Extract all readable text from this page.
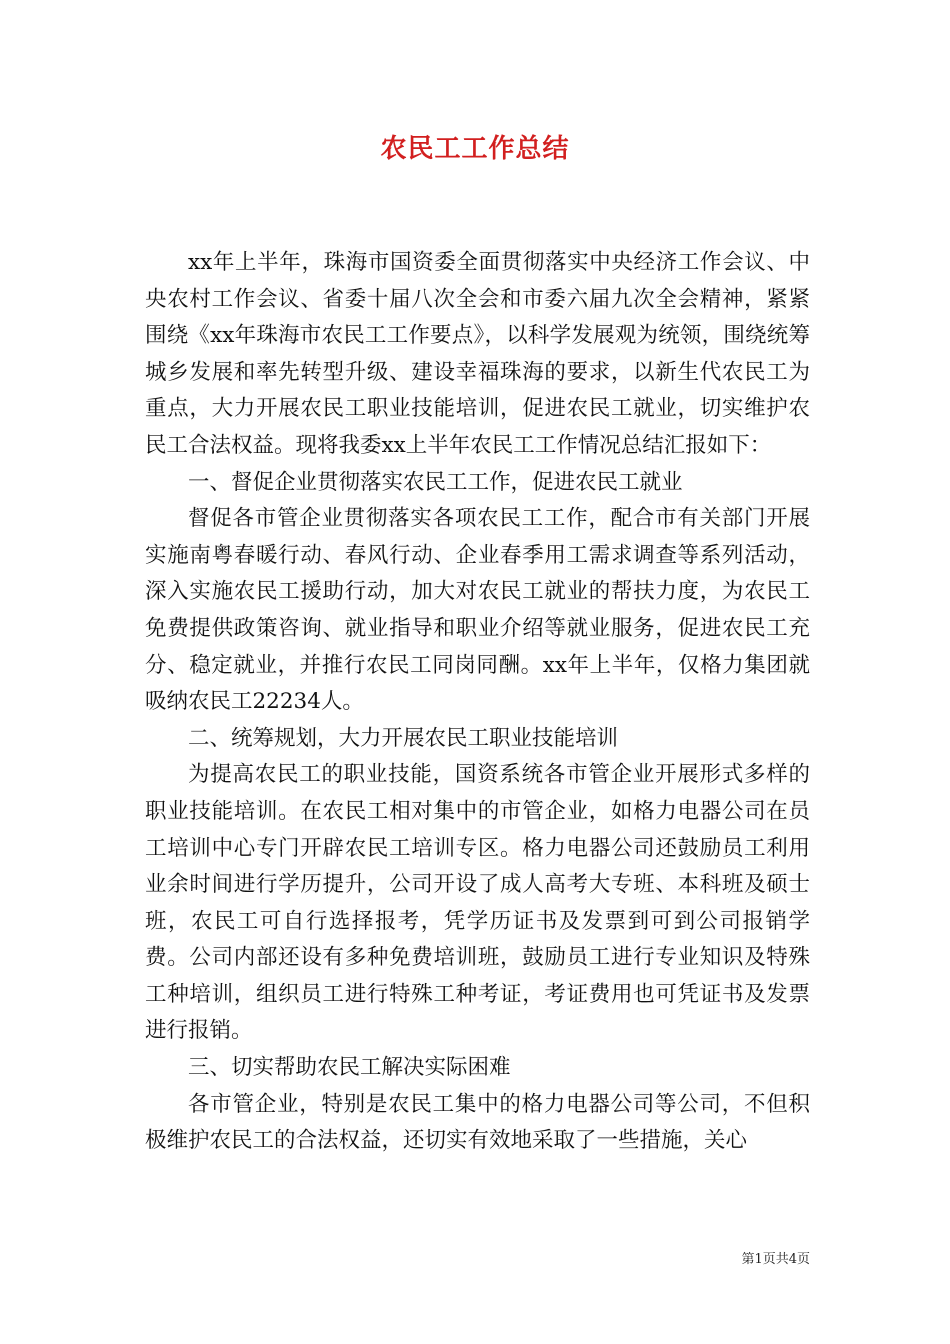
农民工工作总结

xx年上半年，珠海市国资委全面贯彻落实中央经济工作会议、中央农村工作会议、省委十届八次全会和市委六届九次全会精神，紧紧围绕《xx年珠海市农民工工作要点》，以科学发展观为统领，围绕统筹城乡发展和率先转型升级、建设幸福珠海的要求，以新生代农民工为重点，大力开展农民工职业技能培训，促进农民工就业，切实维护农民工合法权益。现将我委xx上半年农民工工作情况总结汇报如下：

一、督促企业贯彻落实农民工工作，促进农民工就业

督促各市管企业贯彻落实各项农民工工作，配合市有关部门开展实施南粤春暖行动、春风行动、企业春季用工需求调查等系列活动，深入实施农民工援助行动，加大对农民工就业的帮扶力度，为农民工免费提供政策咨询、就业指导和职业介绍等就业服务，促进农民工充分、稳定就业，并推行农民工同岗同酬。xx年上半年，仅格力集团就吸纳农民工22234人。

二、统筹规划，大力开展农民工职业技能培训

为提高农民工的职业技能，国资系统各市管企业开展形式多样的职业技能培训。在农民工相对集中的市管企业，如格力电器公司在员工培训中心专门开辟农民工培训专区。格力电器公司还鼓励员工利用业余时间进行学历提升，公司开设了成人高考大专班、本科班及硕士班，农民工可自行选择报考，凭学历证书及发票到可到公司报销学费。公司内部还设有多种免费培训班，鼓励员工进行专业知识及特殊工种培训，组织员工进行特殊工种考证，考证费用也可凭证书及发票进行报销。

三、切实帮助农民工解决实际困难

各市管企业，特别是农民工集中的格力电器公司等公司，不但积极维护农民工的合法权益，还切实有效地采取了一些措施，关心

第1页共4页
